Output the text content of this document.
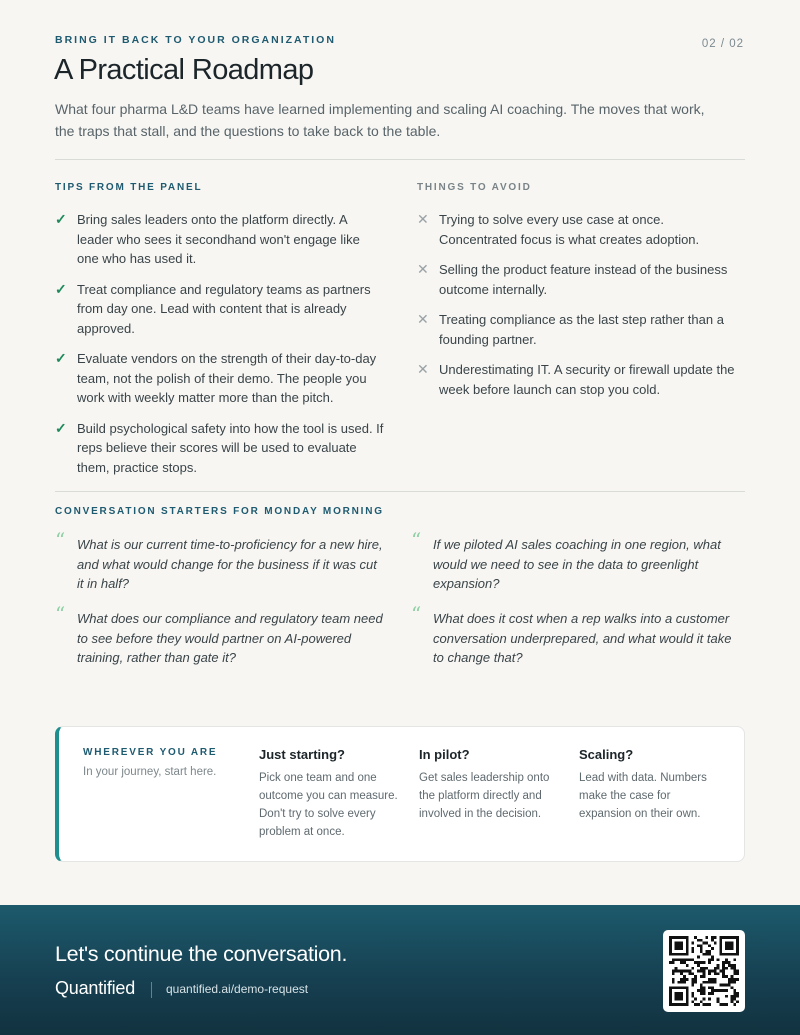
BRING IT BACK TO YOUR ORGANIZATION	02 / 02
A Practical Roadmap

What four pharma L&D teams have learned implementing and scaling AI coaching. The moves that work, the traps that stall, and the questions to take back to the table.

TIPS FROM THE PANEL
✓ Bring sales leaders onto the platform directly. A leader who sees it secondhand won't engage like one who has used it.
✓ Treat compliance and regulatory teams as partners from day one. Lead with content that is already approved.
✓ Evaluate vendors on the strength of their day-to-day team, not the polish of their demo. The people you work with weekly matter more than the pitch.
✓ Build psychological safety into how the tool is used. If reps believe their scores will be used to evaluate them, practice stops.
THINGS TO AVOID
✕ Trying to solve every use case at once. Concentrated focus is what creates adoption.
✕ Selling the product feature instead of the business outcome internally.
✕ Treating compliance as the last step rather than a founding partner.
✕ Underestimating IT. A security or firewall update the week before launch can stop you cold.
CONVERSATION STARTERS FOR MONDAY MORNING
“ What is our current time-to-proficiency for a new hire, and what would change for the business if it was cut it in half?
“ If we piloted AI sales coaching in one region, what would we need to see in the data to greenlight expansion?
“ What does our compliance and regulatory team need to see before they would partner on AI-powered training, rather than gate it?
“ What does it cost when a rep walks into a customer conversation underprepared, and what would it take to change that?
WHEREVER YOU ARE
In your journey, start here.
Just starting?
Pick one team and one outcome you can measure. Don't try to solve every problem at once.
In pilot?
Get sales leadership onto the platform directly and involved in the decision.
Scaling?
Lead with data. Numbers make the case for expansion on their own.
Let's continue the conversation.
Quantified	quantified.ai/demo-request
